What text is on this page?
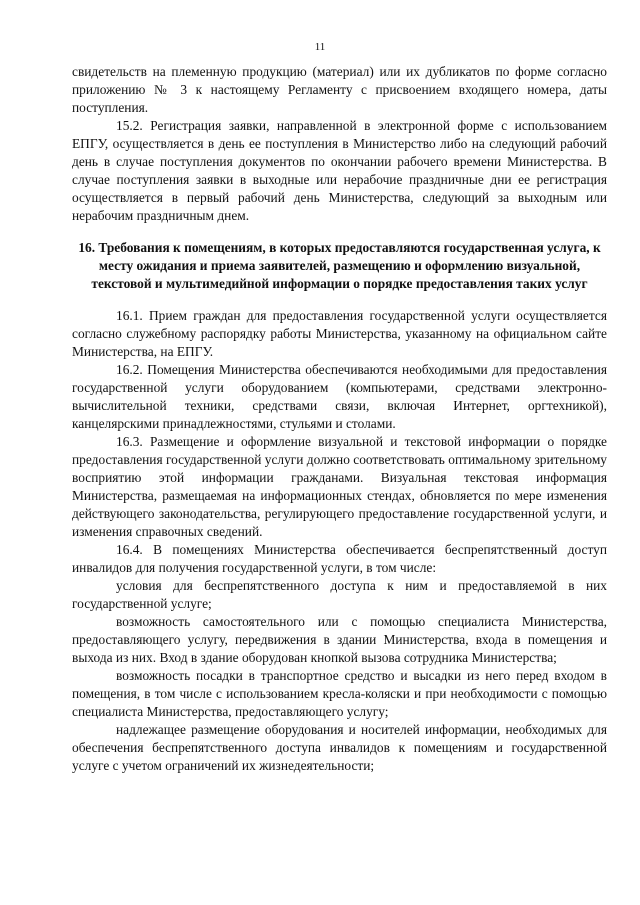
11

свидетельств на племенную продукцию (материал) или их дубликатов по форме согласно приложению № 3 к настоящему Регламенту с присвоением входящего номера, даты поступления.

15.2. Регистрация заявки, направленной в электронной форме с использованием ЕПГУ, осуществляется в день ее поступления в Министерство либо на следующий рабочий день в случае поступления документов по окончании рабочего времени Министерства. В случае поступления заявки в выходные или нерабочие праздничные дни ее регистрация осуществляется в первый рабочий день Министерства, следующий за выходным или нерабочим праздничным днем.

16. Требования к помещениям, в которых предоставляются государственная услуга, к месту ожидания и приема заявителей, размещению и оформлению визуальной, текстовой и мультимедийной информации о порядке предоставления таких услуг

16.1. Прием граждан для предоставления государственной услуги осуществляется согласно служебному распорядку работы Министерства, указанному на официальном сайте Министерства, на ЕПГУ.

16.2. Помещения Министерства обеспечиваются необходимыми для предоставления государственной услуги оборудованием (компьютерами, средствами электронно-вычислительной техники, средствами связи, включая Интернет, оргтехникой), канцелярскими принадлежностями, стульями и столами.

16.3. Размещение и оформление визуальной и текстовой информации о порядке предоставления государственной услуги должно соответствовать оптимальному зрительному восприятию этой информации гражданами. Визуальная текстовая информация Министерства, размещаемая на информационных стендах, обновляется по мере изменения действующего законодательства, регулирующего предоставление государственной услуги, и изменения справочных сведений.

16.4. В помещениях Министерства обеспечивается беспрепятственный доступ инвалидов для получения государственной услуги, в том числе:

условия для беспрепятственного доступа к ним и предоставляемой в них государственной услуге;

возможность самостоятельного или с помощью специалиста Министерства, предоставляющего услугу, передвижения в здании Министерства, входа в помещения и выхода из них. Вход в здание оборудован кнопкой вызова сотрудника Министерства;

возможность посадки в транспортное средство и высадки из него перед входом в помещения, в том числе с использованием кресла-коляски и при необходимости с помощью специалиста Министерства, предоставляющего услугу;

надлежащее размещение оборудования и носителей информации, необходимых для обеспечения беспрепятственного доступа инвалидов к помещениям и государственной услуге с учетом ограничений их жизнедеятельности;
